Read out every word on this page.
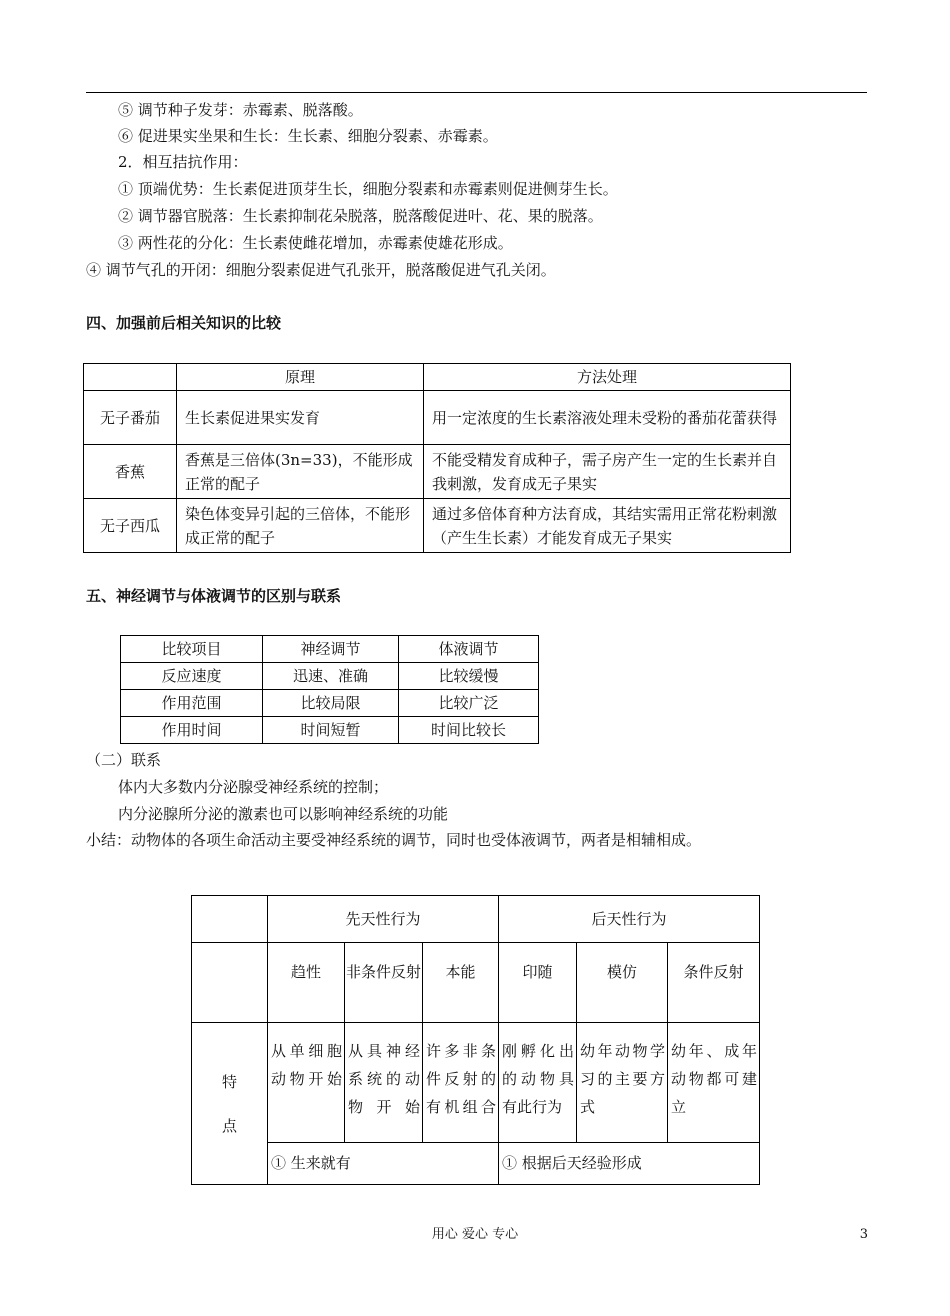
⑤ 调节种子发芽：赤霉素、脱落酸。
⑥ 促进果实坐果和生长：生长素、细胞分裂素、赤霉素。
2．相互拮抗作用：
① 顶端优势：生长素促进顶芽生长，细胞分裂素和赤霉素则促进侧芽生长。
② 调节器官脱落：生长素抑制花朵脱落，脱落酸促进叶、花、果的脱落。
③ 两性花的分化：生长素使雌花增加，赤霉素使雄花形成。
④ 调节气孔的开闭：细胞分裂素促进气孔张开，脱落酸促进气孔关闭。
四、加强前后相关知识的比较
	原理	方法处理
无子番茄	生长素促进果实发育	用一定浓度的生长素溶液处理未受粉的番茄花蕾获得
香蕉	香蕉是三倍体(3n=33)，不能形成正常的配子	不能受精发育成种子，需子房产生一定的生长素并自我刺激，发育成无子果实
无子西瓜	染色体变异引起的三倍体，不能形成正常的配子	通过多倍体育种方法育成，其结实需用正常花粉刺激（产生生长素）才能发育成无子果实
五、神经调节与体液调节的区别与联系
比较项目	神经调节	体液调节
反应速度	迅速、准确	比较缓慢
作用范围	比较局限	比较广泛
作用时间	时间短暂	时间比较长
（二）联系
体内大多数内分泌腺受神经系统的控制；
内分泌腺所分泌的激素也可以影响神经系统的功能
小结：动物体的各项生命活动主要受神经系统的调节，同时也受体液调节，两者是相辅相成。
	先天性行为			后天性行为		
	趋性	非条件反射	本能	印随	模仿	条件反射

特
点	从单细胞动物开始	从具神经系统的动物开始	许多非条件反射的有机组合	刚孵化出的动物具有此行为	幼年动物学习的主要方式	幼年、成年动物都可建立
	① 生来就有			① 根据后天经验形成		
用心 爱心 专心	3
